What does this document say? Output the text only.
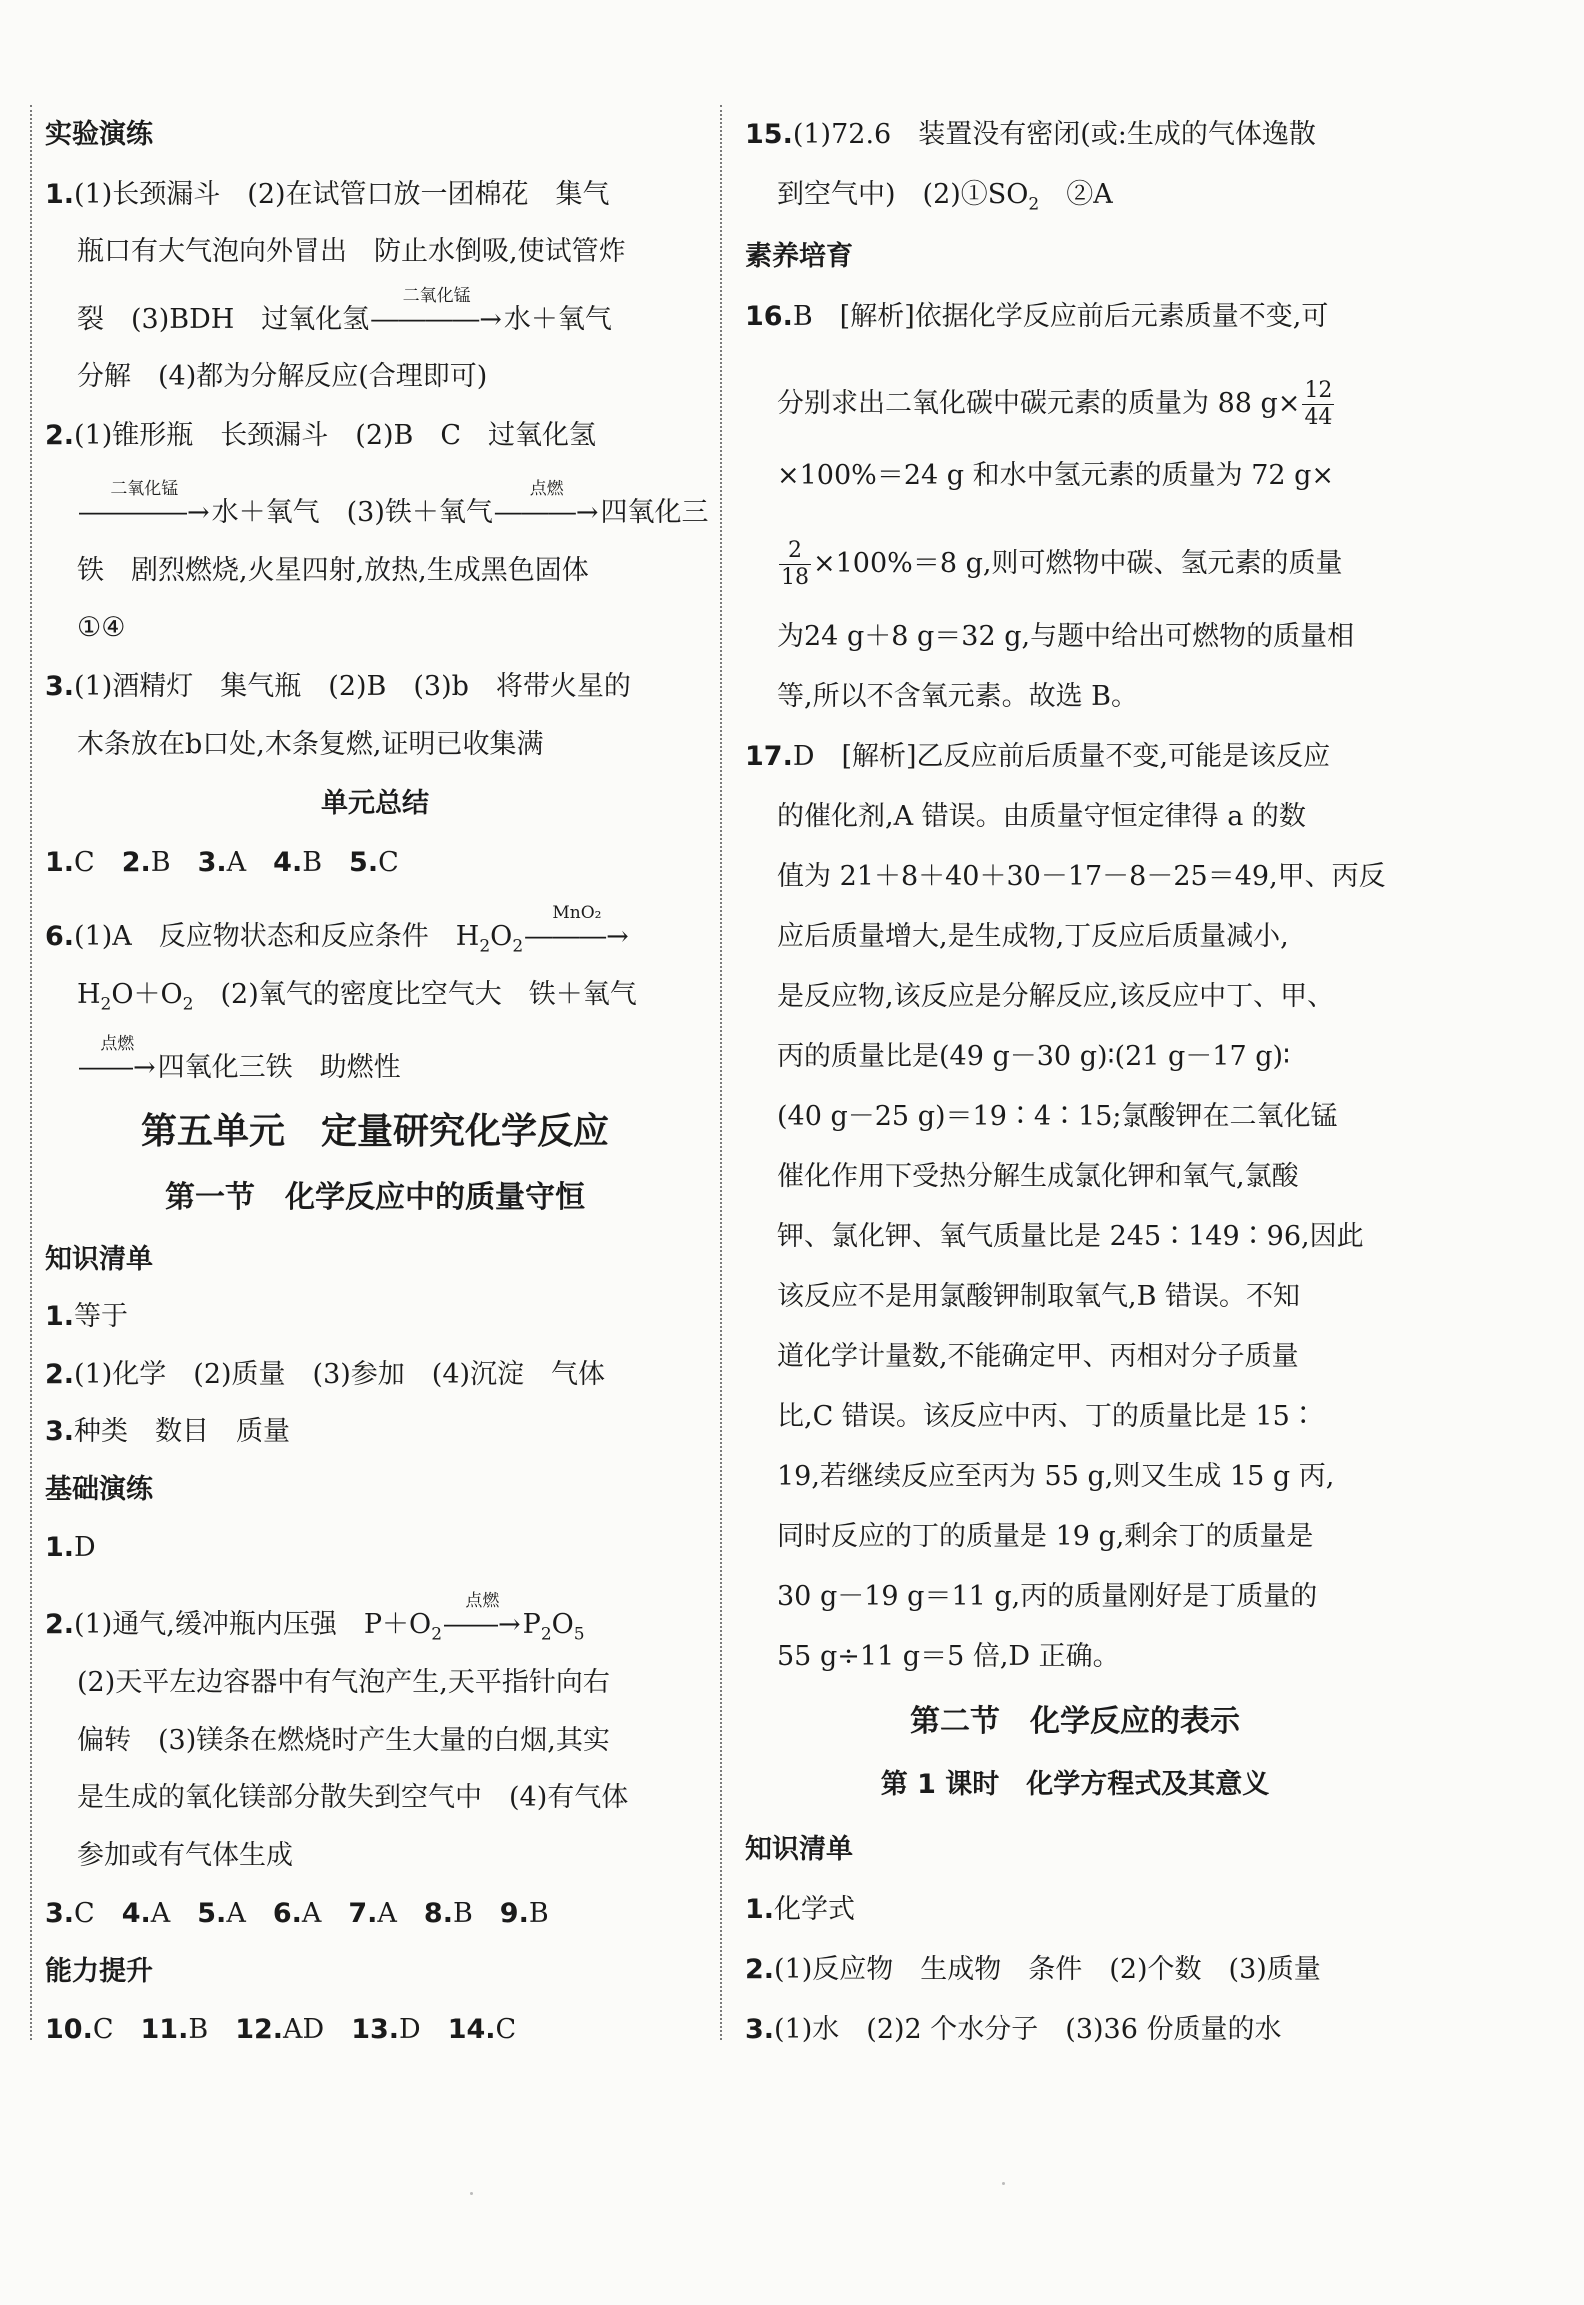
实验演练
1.(1)长颈漏斗　(2)在试管口放一团棉花　集气
瓶口有大气泡向外冒出　防止水倒吸,使试管炸
裂　(3)BDH　过氧化氢
二氧化锰
――――→水＋氧气
分解　(4)都为分解反应(合理即可)
2.(1)锥形瓶　长颈漏斗　(2)B　C　过氧化氢
二氧化锰
――――→水＋氧气　(3)铁＋氧气
点燃
―――→四氧化三
铁　剧烈燃烧,火星四射,放热,生成黑色固体
①④
3.(1)酒精灯　集气瓶　(2)B　(3)b　将带火星的
木条放在b口处,木条复燃,证明已收集满
单元总结
1.C　 2.B　 3.A　 4.B　 5.C
6.(1)A　反应物状态和反应条件　$H_2O_2$
MnO₂
―――→
$H_2O+O_2$　(2)氧气的密度比空气大　铁＋氧气
点燃
――→四氧化三铁　助燃性
第五单元　定量研究化学反应
第一节　化学反应中的质量守恒
知识清单
1.等于
2.(1)化学　(2)质量　(3)参加　(4)沉淀　气体
3.种类　数目　质量
基础演练
1.D
2.(1)通气,缓冲瓶内压强　$P+O_2$
点燃
$――\to P_2O_5$
(2)天平左边容器中有气泡产生,天平指针向右
偏转　(3)镁条在燃烧时产生大量的白烟,其实
是生成的氧化镁部分散失到空气中　(4)有气体
参加或有气体生成
3.C　 4.A　 5.A　 6.A　 7.A　 8.B　 9.B
能力提升
10.C　 11.B　 12.AD　 13.D　 14.C
15.(1)72.6　装置没有密闭(或:生成的气体逸散
到空气中)　$(2)①SO_2$　②A
素养培育
16.B　[解析]依据化学反应前后元素质量不变,可
分别求出二氧化碳中碳元素的质量为 88 $g\times \frac{12}{44}$
×100%＝24 g 和水中氢元素的质量为 72 g×
$\frac{2}{18} \times 100\%=8$ g,则可燃物中碳、氢元素的质量
为24 g＋8 g＝32 g,与题中给出可燃物的质量相
等,所以不含氧元素。故选 B。
17.D　[解析]乙反应前后质量不变,可能是该反应
的催化剂,A 错误。由质量守恒定律得 a 的数
值为 21＋8＋40＋30－17－8－25＝49,甲、丙反
应后质量增大,是生成物,丁反应后质量减小,
是反应物,该反应是分解反应,该反应中丁、甲、
丙的质量比是(49 g－30 g)∶(21 g－17 g)∶
(40 g－25 g)＝19∶4∶15;氯酸钾在二氧化锰
催化作用下受热分解生成氯化钾和氧气,氯酸
钾、氯化钾、氧气质量比是 245∶149∶96,因此
该反应不是用氯酸钾制取氧气,B 错误。不知
道化学计量数,不能确定甲、丙相对分子质量
比,C 错误。该反应中丙、丁的质量比是 15∶
19,若继续反应至丙为 55 g,则又生成 15 g 丙,
同时反应的丁的质量是 19 g,剩余丁的质量是
30 g－19 g＝11 g,丙的质量刚好是丁质量的
55 g÷11 g＝5 倍,D 正确。
第二节　化学反应的表示
第 1 课时　化学方程式及其意义
知识清单
1.化学式
2.(1)反应物　生成物　条件　(2)个数　(3)质量
3.(1)水　(2)2 个水分子　(3)36 份质量的水
